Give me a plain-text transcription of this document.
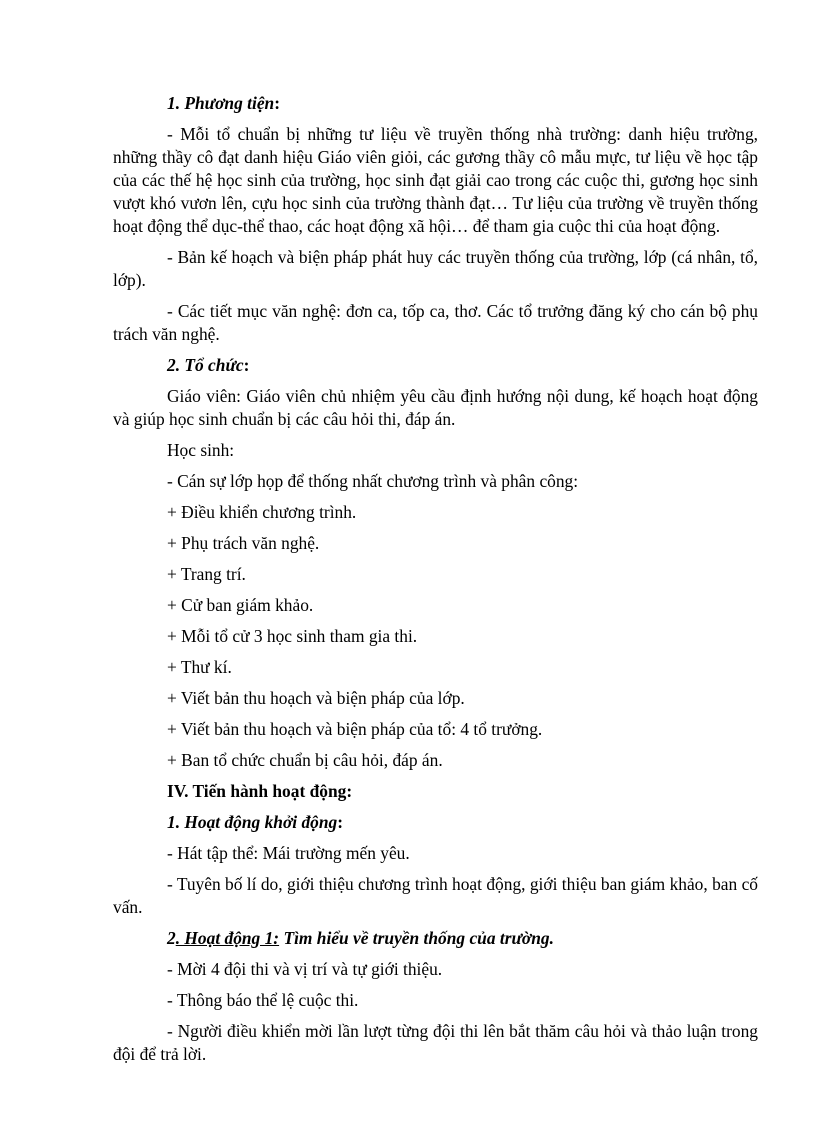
1. Phương tiện:

- Mỗi tổ chuẩn bị những tư liệu về truyền thống nhà trường: danh hiệu trường, những thầy cô đạt danh hiệu Giáo viên giỏi, các gương thầy cô mẫu mực, tư liệu về học tập của các thế hệ học sinh của trường, học sinh đạt giải cao trong các cuộc thi, gương học sinh vượt khó vươn lên, cựu học sinh của trường thành đạt… Tư liệu của trường về truyền thống hoạt động thể dục-thể thao, các hoạt động xã hội… để tham gia cuộc thi của hoạt động.

- Bản kế hoạch và biện pháp phát huy các truyền thống của trường, lớp (cá nhân, tổ, lớp).

- Các tiết mục văn nghệ: đơn ca, tốp ca, thơ. Các tổ trưởng đăng ký cho cán bộ phụ trách văn nghệ.

2. Tổ chức:

Giáo viên: Giáo viên chủ nhiệm yêu cầu định hướng nội dung, kế hoạch hoạt động và giúp học sinh chuẩn bị các câu hỏi thi, đáp án.

Học sinh:

- Cán sự lớp họp để thống nhất chương trình và phân công:

+ Điều khiển chương trình.

+ Phụ trách văn nghệ.

+ Trang trí.

+ Cử ban giám khảo.

+ Mỗi tổ cử 3 học sinh tham gia thi.

+ Thư kí.

+ Viết bản thu hoạch và biện pháp của lớp.

+ Viết bản thu hoạch và biện pháp của tổ: 4 tổ trưởng.

+ Ban tổ chức chuẩn bị câu hỏi, đáp án.

IV. Tiến hành hoạt động:

1. Hoạt động khởi động:

- Hát tập thể: Mái trường mến yêu.

- Tuyên bố lí do, giới thiệu chương trình hoạt động, giới thiệu ban giám khảo, ban cố vấn.

2. Hoạt động 1: Tìm hiểu về truyền thống của trường.

- Mời 4 đội thi và vị trí và tự giới thiệu.

- Thông báo thể lệ cuộc thi.

- Người điều khiển mời lần lượt từng đội thi lên bắt thăm câu hỏi và thảo luận trong đội để trả lời.
